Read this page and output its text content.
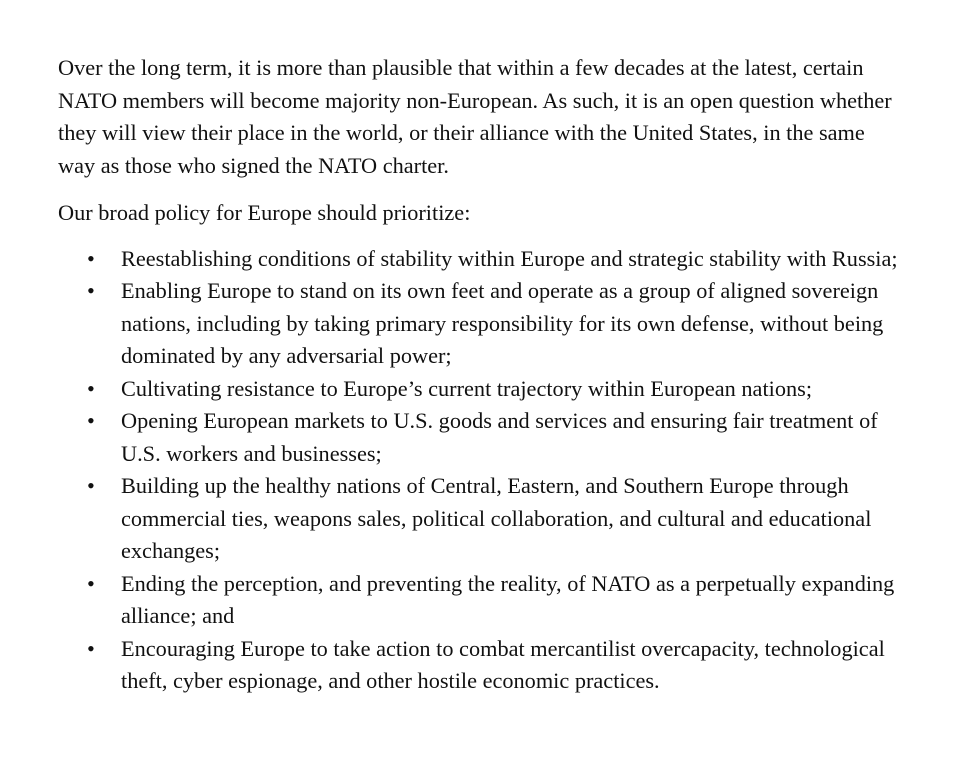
Over the long term, it is more than plausible that within a few decades at the latest, certain NATO members will become majority non-European. As such, it is an open question whether they will view their place in the world, or their alliance with the United States, in the same way as those who signed the NATO charter.

Our broad policy for Europe should prioritize:

• Reestablishing conditions of stability within Europe and strategic stability with Russia;
• Enabling Europe to stand on its own feet and operate as a group of aligned sovereign nations, including by taking primary responsibility for its own defense, without being dominated by any adversarial power;
• Cultivating resistance to Europe’s current trajectory within European nations;
• Opening European markets to U.S. goods and services and ensuring fair treatment of U.S. workers and businesses;
• Building up the healthy nations of Central, Eastern, and Southern Europe through commercial ties, weapons sales, political collaboration, and cultural and educational exchanges;
• Ending the perception, and preventing the reality, of NATO as a perpetually expanding alliance; and
• Encouraging Europe to take action to combat mercantilist overcapacity, technological theft, cyber espionage, and other hostile economic practices.
